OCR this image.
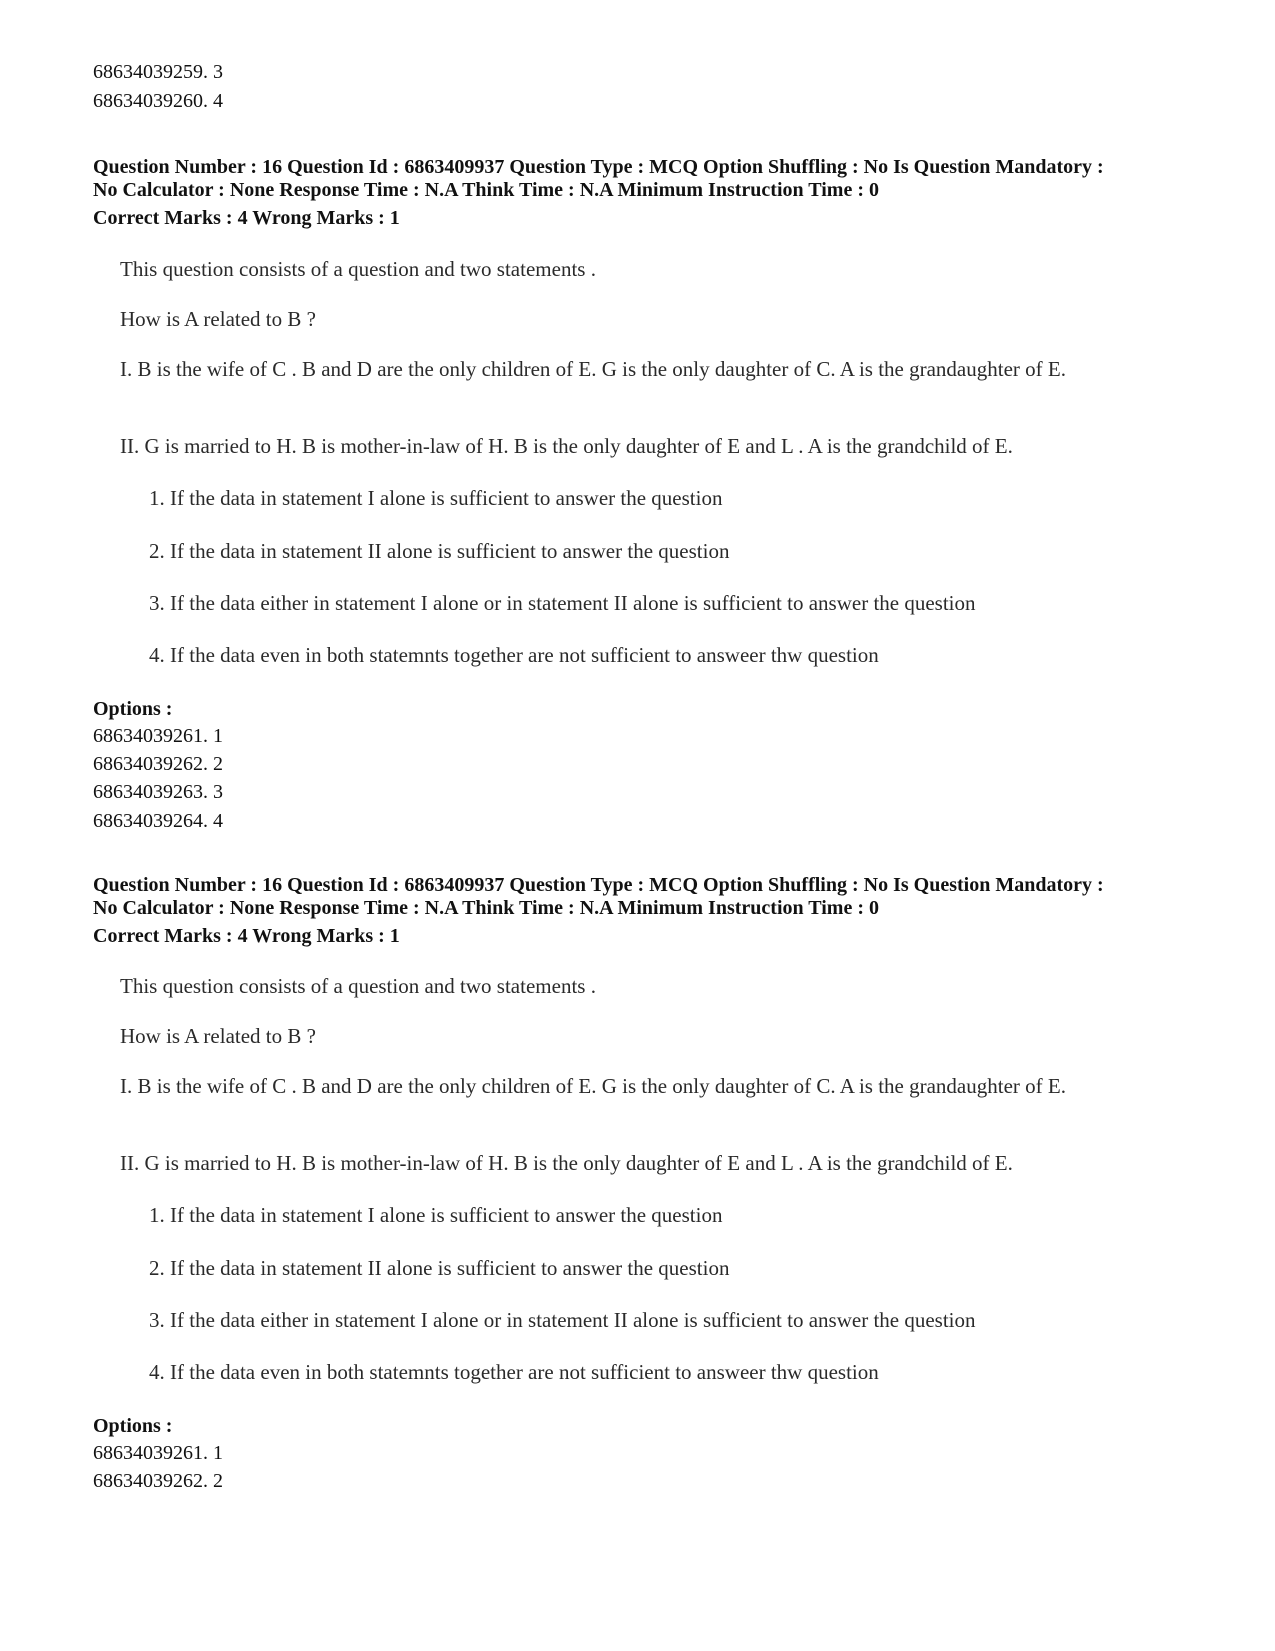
68634039259. 3
68634039260. 4
Question Number : 16 Question Id : 6863409937 Question Type : MCQ Option Shuffling : No Is Question Mandatory :
No Calculator : None Response Time : N.A Think Time : N.A Minimum Instruction Time : 0
Correct Marks : 4 Wrong Marks : 1
This question consists of a question and two statements .
How is A related to B ?
I. B is the wife of C . B and D are the only children of E. G is the only daughter of C. A is the grandaughter of E.
II. G is married to H. B is mother-in-law of H. B is the only daughter of E and L . A is the grandchild of E.
1. If the data in statement I alone is sufficient to answer the question
2. If the data in statement II alone is sufficient to answer the question
3. If the data either in statement I alone or in statement II alone is sufficient to answer the question
4. If the data even in both statemnts together are not sufficient to answeer thw question
Options :
68634039261. 1
68634039262. 2
68634039263. 3
68634039264. 4
Question Number : 16 Question Id : 6863409937 Question Type : MCQ Option Shuffling : No Is Question Mandatory :
No Calculator : None Response Time : N.A Think Time : N.A Minimum Instruction Time : 0
Correct Marks : 4 Wrong Marks : 1
This question consists of a question and two statements .
How is A related to B ?
I. B is the wife of C . B and D are the only children of E. G is the only daughter of C. A is the grandaughter of E.
II. G is married to H. B is mother-in-law of H. B is the only daughter of E and L . A is the grandchild of E.
1. If the data in statement I alone is sufficient to answer the question
2. If the data in statement II alone is sufficient to answer the question
3. If the data either in statement I alone or in statement II alone is sufficient to answer the question
4. If the data even in both statemnts together are not sufficient to answeer thw question
Options :
68634039261. 1
68634039262. 2
